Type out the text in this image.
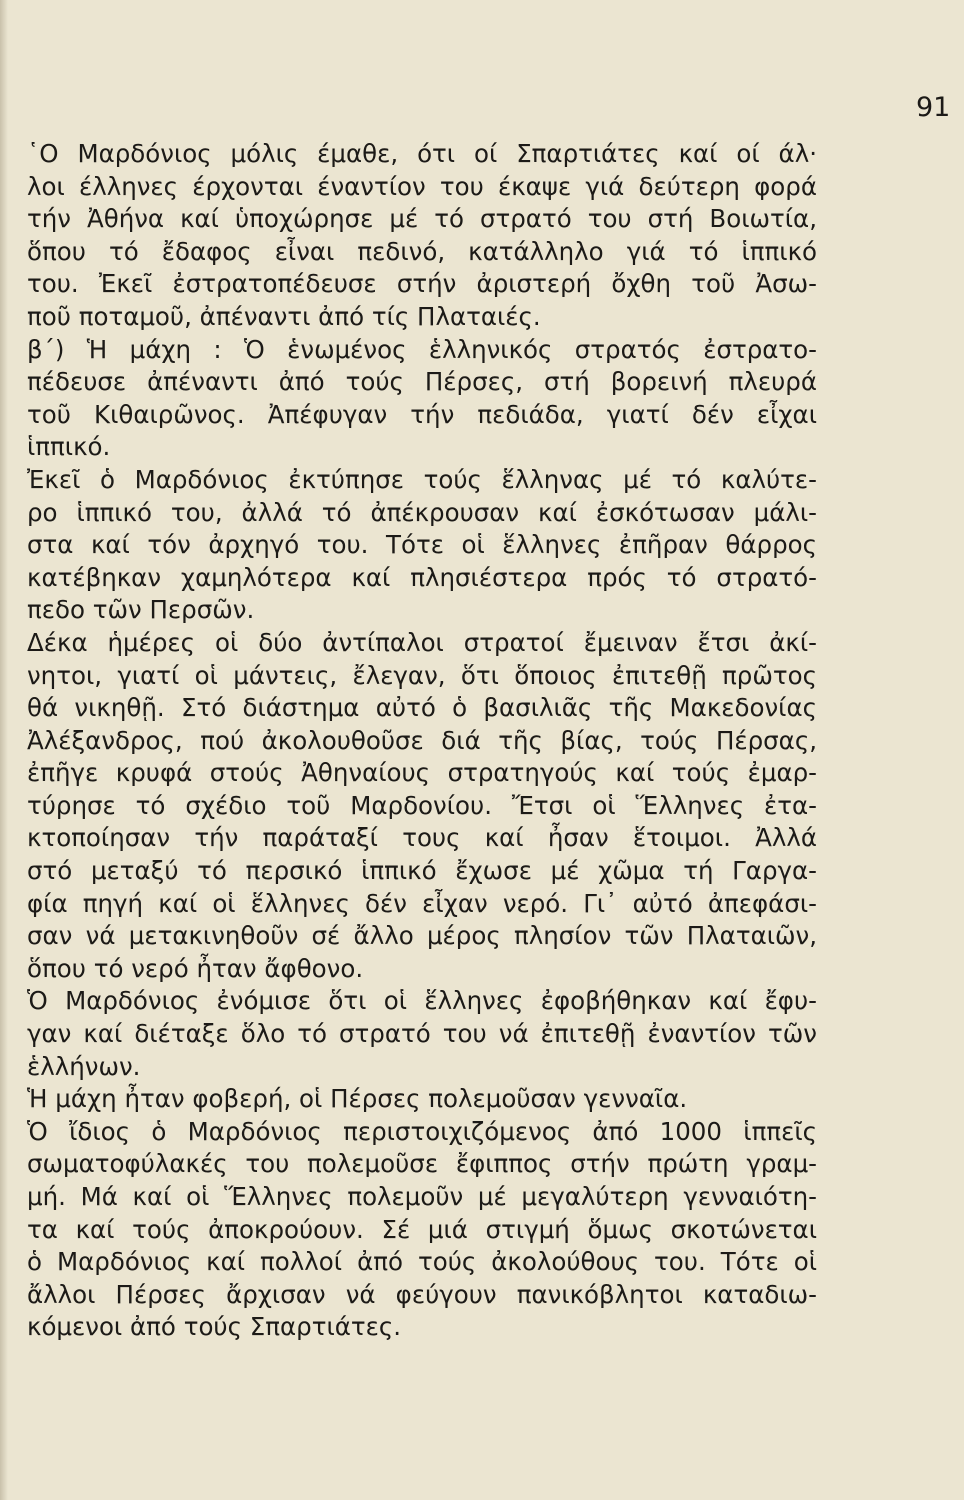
91
῾Ο Μαρδόνιος μόλις έμαθε, ότι οί Σπαρτιάτες καί οί άλ·
λοι έλληνες έρχονται έναντίον του έκαψε γιά δεύτερη φορά
τήν Ἀθήνα καί ὑποχώρησε μέ τό στρατό του στή Βοιωτία,
ὅπου τό ἔδαφος εἶναι πεδινό, κατάλληλο γιά τό ἱππικό
του. Ἐκεῖ ἐστρατοπέδευσε στήν ἀριστερή ὄχθη τοῦ Ἀσω-
ποῦ ποταμοῦ, ἀπέναντι ἀπό τίς Πλαταιές.
β΄) Ἡ μάχη : Ὁ ἑνωμένος ἑλληνικός στρατός ἐστρατο-
πέδευσε ἀπέναντι ἀπό τούς Πέρσες, στή βορεινή πλευρά
τοῦ Κιθαιρῶνος. Ἀπέφυγαν τήν πεδιάδα, γιατί δέν εἶχαι
ἱππικό.
Ἐκεῖ ὁ Μαρδόνιος ἐκτύπησε τούς ἕλληνας μέ τό καλύτε-
ρο ἱππικό του, ἀλλά τό ἀπέκρουσαν καί ἐσκότωσαν μάλι-
στα καί τόν ἀρχηγό του. Τότε οἱ ἕλληνες ἐπῆραν θάρρος
κατέβηκαν χαμηλότερα καί πλησιέστερα πρός τό στρατό-
πεδο τῶν Περσῶν.
Δέκα ἡμέρες οἱ δύο ἀντίπαλοι στρατοί ἔμειναν ἔτσι ἀκί-
νητοι, γιατί οἱ μάντεις, ἔλεγαν, ὅτι ὅποιος ἐπιτεθῇ πρῶτος
θά νικηθῇ. Στό διάστημα αὐτό ὁ βασιλιᾶς τῆς Μακεδονίας
Ἀλέξανδρος, πού ἀκολουθοῦσε διά τῆς βίας, τούς Πέρσας,
ἐπῆγε κρυφά στούς Ἀθηναίους στρατηγούς καί τούς ἐμαρ-
τύρησε τό σχέδιο τοῦ Μαρδονίου. Ἔτσι οἱ Ἕλληνες ἐτα-
κτοποίησαν τήν παράταξί τους καί ἦσαν ἕτοιμοι. Ἀλλά
στό μεταξύ τό περσικό ἱππικό ἔχωσε μέ χῶμα τή Γαργα-
φία πηγή καί οἱ ἕλληνες δέν εἶχαν νερό. Γι᾿ αὐτό ἀπεφάσι-
σαν νά μετακινηθοῦν σέ ἄλλο μέρος πλησίον τῶν Πλαταιῶν,
ὅπου τό νερό ἦταν ἄφθονο.
Ὁ Μαρδόνιος ἐνόμισε ὅτι οἱ ἕλληνες ἐφοβήθηκαν καί ἔφυ-
γαν καί διέταξε ὅλο τό στρατό του νά ἐπιτεθῇ ἐναντίον τῶν
ἑλλήνων.
Ἡ μάχη ἦταν φοβερή, οἱ Πέρσες πολεμοῦσαν γενναῖα.
Ὁ ἴδιος ὁ Μαρδόνιος περιστοιχιζόμενος ἀπό 1000 ἱππεῖς
σωματοφύλακές του πολεμοῦσε ἔφιππος στήν πρώτη γραμ-
μή. Μά καί οἱ Ἕλληνες πολεμοῦν μέ μεγαλύτερη γενναιότη-
τα καί τούς ἀποκρούουν. Σέ μιά στιγμή ὅμως σκοτώνεται
ὁ Μαρδόνιος καί πολλοί ἀπό τούς ἀκολούθους του. Τότε οἱ
ἄλλοι Πέρσες ἄρχισαν νά φεύγουν πανικόβλητοι καταδιω-
κόμενοι ἀπό τούς Σπαρτιάτες.
